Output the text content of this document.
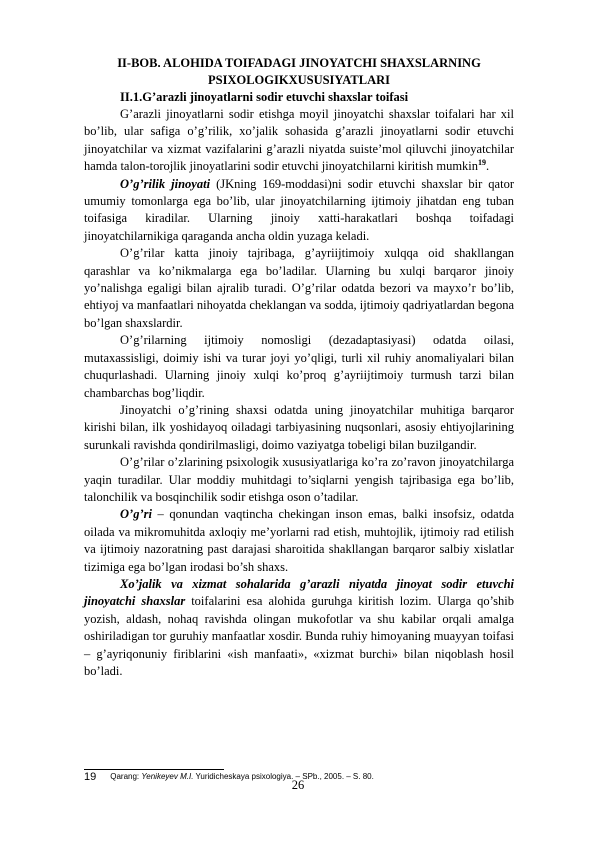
II-BOB. ALOHIDA TOIFADAGI JINOYATCHI SHAXSLARNING
PSIXOLOGIKXUSUSIYATLARI
II.1.G’arazli jinoyatlarni sodir etuvchi shaxslar toifasi

G’arazli jinoyatlarni sodir etishga moyil jinoyatchi shaxslar toifalari har xil bo’lib, ular safiga o’g’rilik, xo’jalik sohasida g’arazli jinoyatlarni sodir etuvchi jinoyatchilar va xizmat vazifalarini g’arazli niyatda suiste’mol qiluvchi jinoyatchilar hamda talon-torojlik jinoyatlarini sodir etuvchi jinoyatchilarni kiritish mumkin$^{19}$.

O’g’rilik jinoyati (JKning 169-moddasi)ni sodir etuvchi shaxslar bir qator umumiy tomonlarga ega bo’lib, ular jinoyatchilarning ijtimoiy jihatdan eng tuban toifasiga kiradilar. Ularning jinoiy xatti-harakatlari boshqa toifadagi jinoyatchilarnikiga qaraganda ancha oldin yuzaga keladi.

O’g’rilar katta jinoiy tajribaga, g’ayriijtimoiy xulqqa oid shakllangan qarashlar va ko’nikmalarga ega bo’ladilar. Ularning bu xulqi barqaror jinoiy yo’nalishga egaligi bilan ajralib turadi. O’g’rilar odatda bezori va mayxo’r bo’lib, ehtiyoj va manfaatlari nihoyatda cheklangan va sodda, ijtimoiy qadriyatlardan begona bo’lgan shaxslardir.

O’g’rilarning ijtimoiy nomosligi (dezadaptasiyasi) odatda oilasi, mutaxassisligi, doimiy ishi va turar joyi yo’qligi, turli xil ruhiy anomaliyalari bilan chuqurlashadi. Ularning jinoiy xulqi ko’proq g’ayriijtimoiy turmush tarzi bilan chambarchas bog’liqdir.

Jinoyatchi o’g’rining shaxsi odatda uning jinoyatchilar muhitiga barqaror kirishi bilan, ilk yoshidayoq oiladagi tarbiyasining nuqsonlari, asosiy ehtiyojlarining surunkali ravishda qondirilmasligi, doimo vaziyatga tobeligi bilan buzilgandir.

O’g’rilar o’zlarining psixologik xususiyatlariga ko’ra zo’ravon jinoyatchilarga yaqin turadilar. Ular moddiy muhitdagi to’siqlarni yengish tajribasiga ega bo’lib, talonchilik va bosqinchilik sodir etishga oson o’tadilar.

O’g’ri – qonundan vaqtincha chekingan inson emas, balki insofsiz, odatda oilada va mikromuhitda axloqiy me’yorlarni rad etish, muhtojlik, ijtimoiy rad etilish va ijtimoiy nazoratning past darajasi sharoitida shakllangan barqaror salbiy xislatlar tizimiga ega bo’lgan irodasi bo’sh shaxs.

Xo’jalik va xizmat sohalarida g’arazli niyatda jinoyat sodir etuvchi jinoyatchi shaxslar toifalarini esa alohida guruhga kiritish lozim. Ularga qo’shib yozish, aldash, nohaq ravishda olingan mukofotlar va shu kabilar orqali amalga oshiriladigan tor guruhiy manfaatlar xosdir. Bunda ruhiy himoyaning muayyan toifasi – g’ayriqonuniy firiblarini «ish manfaati», «xizmat burchi» bilan niqoblash hosil bo’ladi.

19 Qarang: Yenikeyev M.I. Yuridicheskaya psixologiya. – SPb., 2005. – S. 80.
26
